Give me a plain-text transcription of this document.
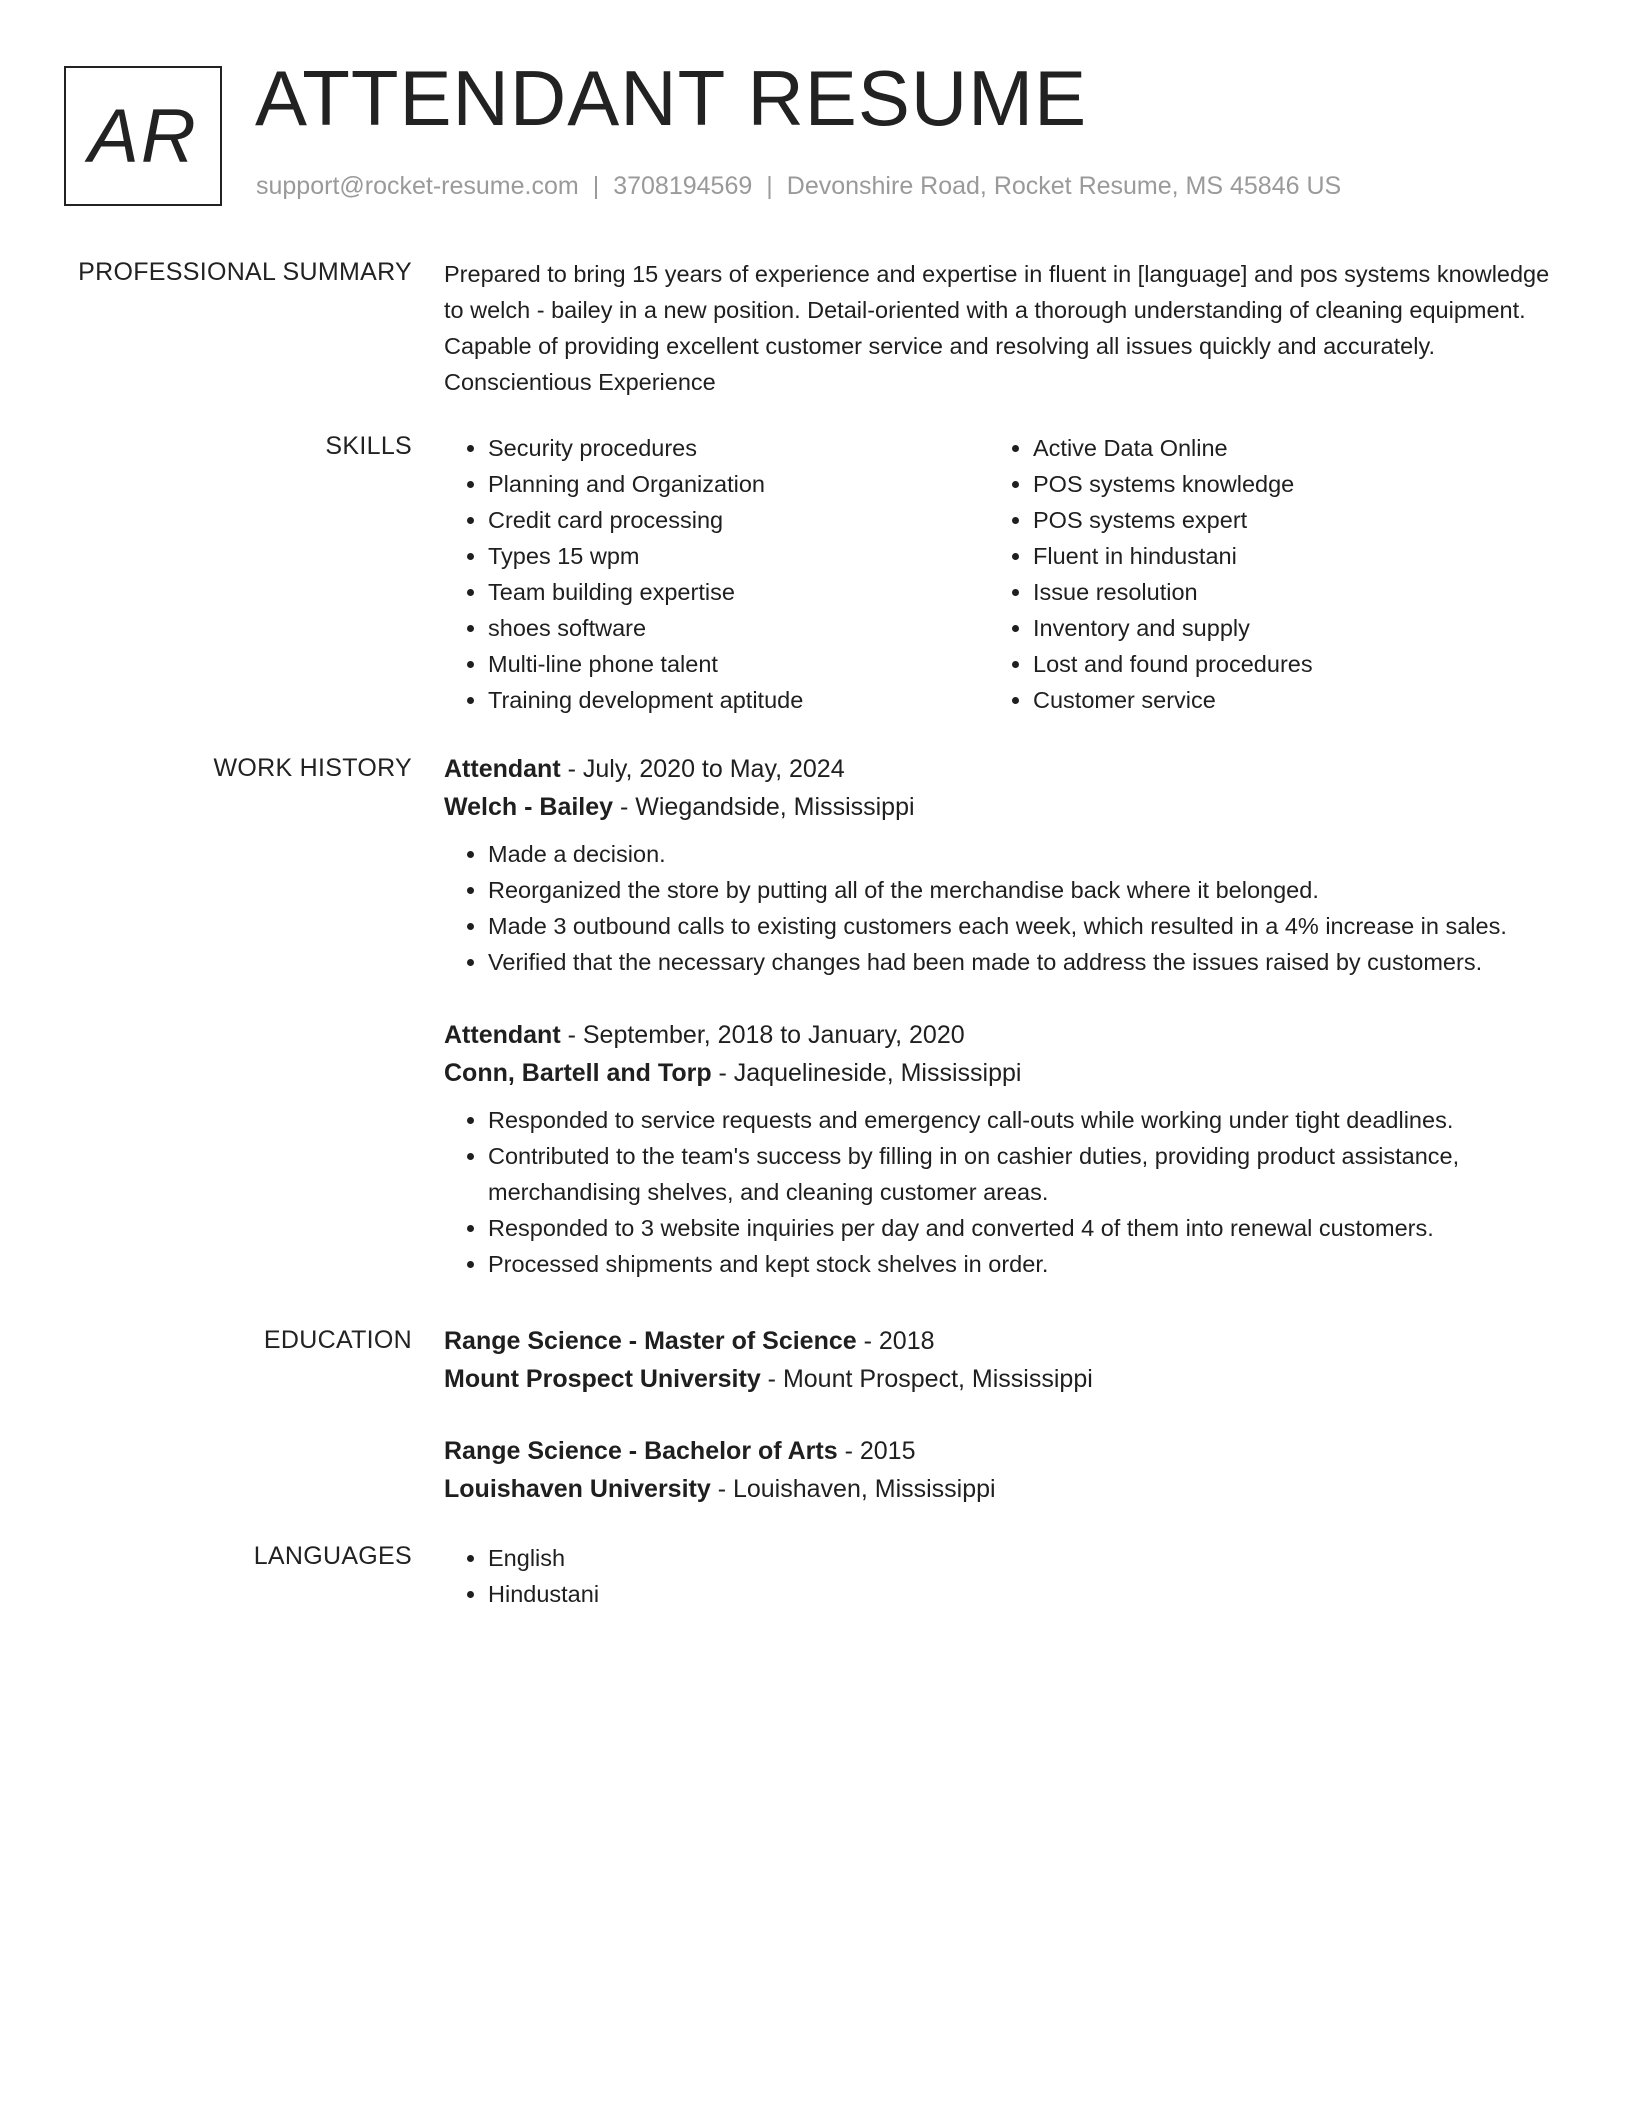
AR ATTENDANT RESUME
support@rocket-resume.com | 3708194569 | Devonshire Road, Rocket Resume, MS 45846 US
PROFESSIONAL SUMMARY Prepared to bring 15 years of experience and expertise in fluent in [language] and pos systems knowledge to welch - bailey in a new position. Detail-oriented with a thorough understanding of cleaning equipment. Capable of providing excellent customer service and resolving all issues quickly and accurately. Conscientious Experience
SKILLS	• Security procedures
• Planning and Organization
• Credit card processing
• Types 15 wpm
• Team building expertise
• shoes software
• Multi-line phone talent
• Training development aptitude
• Active Data Online
• POS systems knowledge
• POS systems expert
• Fluent in hindustani
• Issue resolution
• Inventory and supply
• Lost and found procedures
• Customer service
WORK HISTORY Attendant - July, 2020 to May, 2024
Welch - Bailey - Wiegandside, Mississippi
• Made a decision.
• Reorganized the store by putting all of the merchandise back where it belonged.
• Made 3 outbound calls to existing customers each week, which resulted in a 4% increase in sales.
• Verified that the necessary changes had been made to address the issues raised by customers.
Attendant - September, 2018 to January, 2020
Conn, Bartell and Torp - Jaquelineside, Mississippi
• Responded to service requests and emergency call-outs while working under tight deadlines.
• Contributed to the team's success by filling in on cashier duties, providing product assistance, merchandising shelves, and cleaning customer areas.
• Responded to 3 website inquiries per day and converted 4 of them into renewal customers.
• Processed shipments and kept stock shelves in order.
EDUCATION Range Science - Master of Science - 2018
Mount Prospect University - Mount Prospect, Mississippi
Range Science - Bachelor of Arts - 2015
Louishaven University - Louishaven, Mississippi
LANGUAGES	• English
• Hindustani
